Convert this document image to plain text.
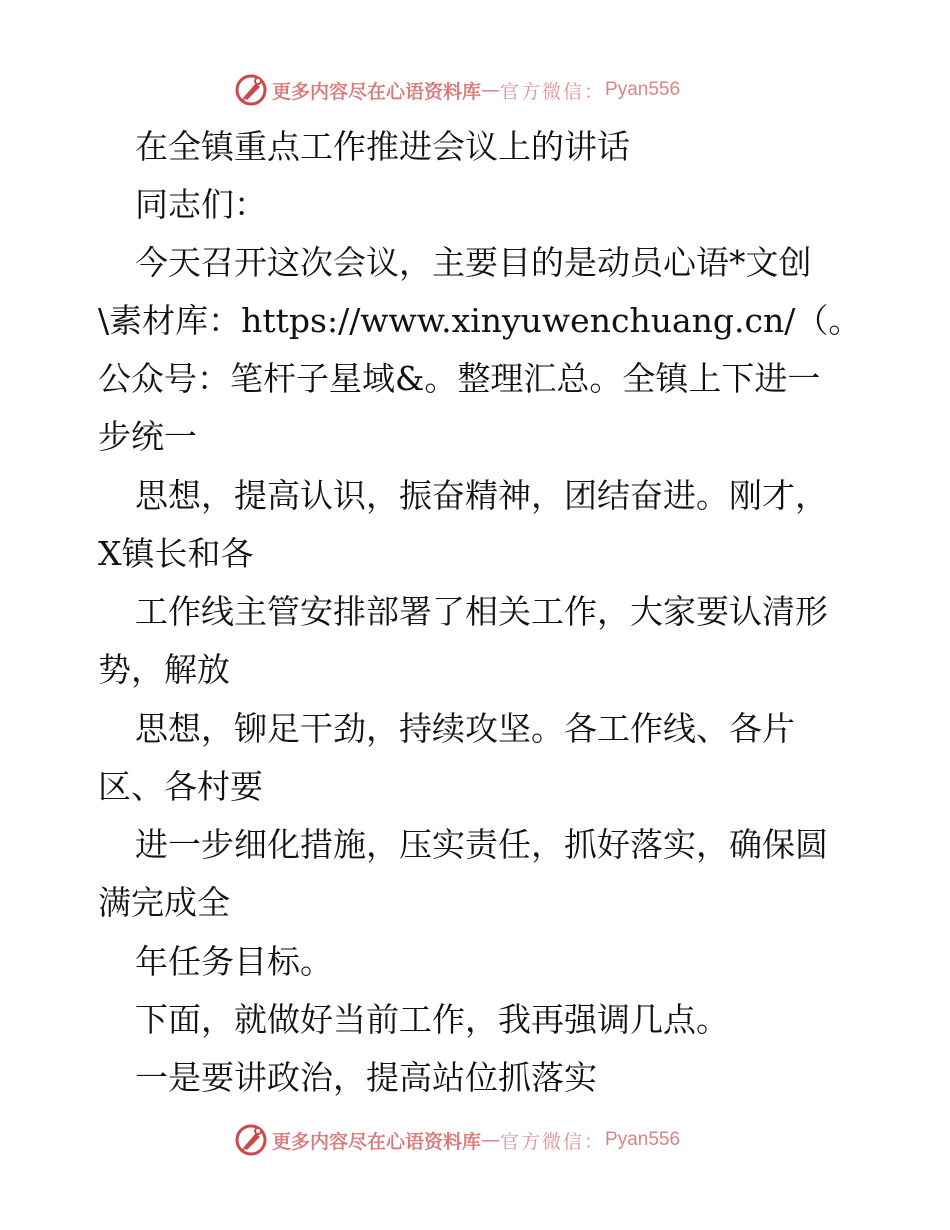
更多内容尽在心语资料库 — 官方微信： Pyan556
在全镇重点工作推进会议上的讲话
同志们：
今天召开这次会议，主要目的是动员心语*文创
\素材库：https://www.xinyuwenchuang.cn/（。
公众号：笔杆子星域&。整理汇总。全镇上下进一
步统一
思想，提高认识，振奋精神，团结奋进。刚才，
X镇长和各
工作线主管安排部署了相关工作，大家要认清形
势，解放
思想，铆足干劲，持续攻坚。各工作线、各片
区、各村要
进一步细化措施，压实责任，抓好落实，确保圆
满完成全
年任务目标。
下面，就做好当前工作，我再强调几点。
一是要讲政治，提高站位抓落实
更多内容尽在心语资料库 — 官方微信： Pyan556
